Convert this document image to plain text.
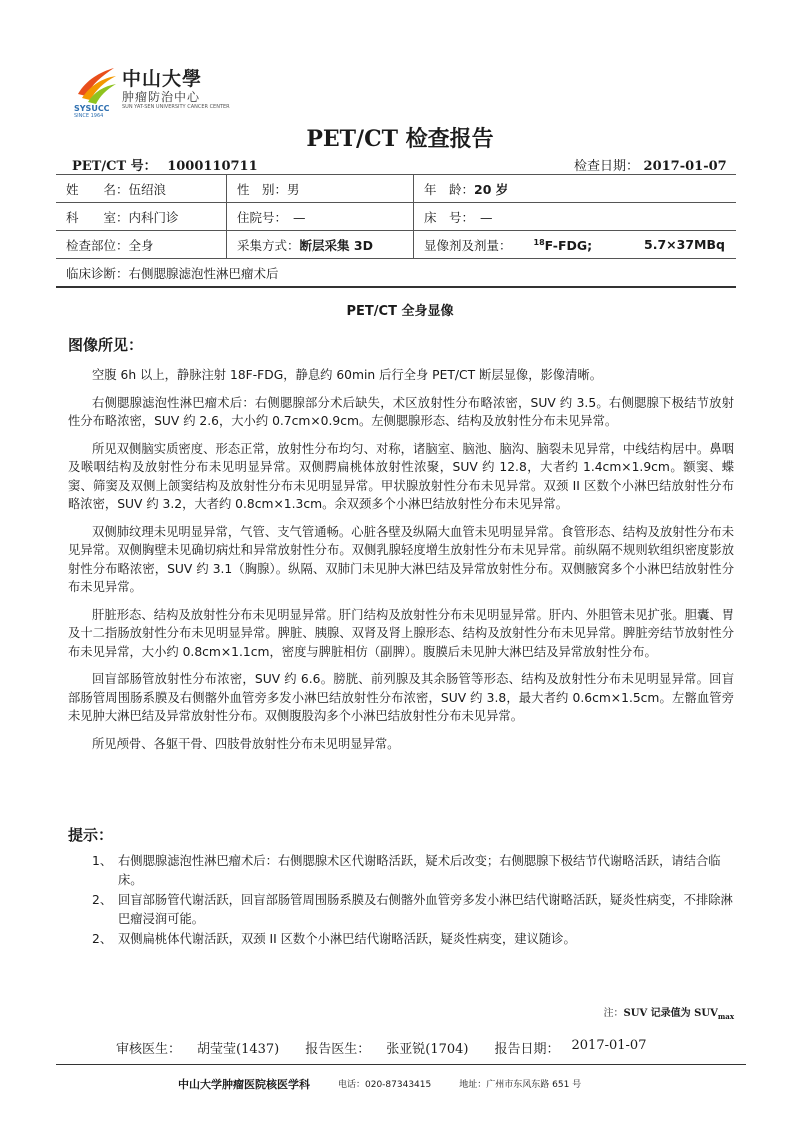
中山大學
肿瘤防治中心
SYSUCC
SINCE 1964
SUN YAT-SEN UNIVERSITY CANCER CENTER
PET/CT 检查报告
PET/CT 号： 1000110711	检查日期： 2017-01-07
姓　　名：伍绍浪	性　别：男	年　龄：20 岁	
科　　室：内科门诊	住院号： —	床　号： —	
检查部位：全身	采集方式：断层采集 3D	显像剂及剂量： $^{18}$F-FDG;	5.7×37MBq
临床诊断：右侧腮腺滤泡性淋巴瘤术后			
PET/CT 全身显像
图像所见：

空腹 6h 以上，静脉注射 18F-FDG，静息约 60min 后行全身 PET/CT 断层显像，影像清晰。

右侧腮腺滤泡性淋巴瘤术后：右侧腮腺部分术后缺失，术区放射性分布略浓密，SUV 约 3.5。右侧腮腺下极结节放射性分布略浓密，SUV 约 2.6，大小约 0.7cm×0.9cm。左侧腮腺形态、结构及放射性分布未见异常。

所见双侧脑实质密度、形态正常，放射性分布均匀、对称，诸脑室、脑池、脑沟、脑裂未见异常，中线结构居中。鼻咽及喉咽结构及放射性分布未见明显异常。双侧腭扁桃体放射性浓聚，SUV 约 12.8，大者约 1.4cm×1.9cm。额窦、蝶窦、筛窦及双侧上颌窦结构及放射性分布未见明显异常。甲状腺放射性分布未见异常。双颈 II 区数个小淋巴结放射性分布略浓密，SUV 约 3.2，大者约 0.8cm×1.3cm。余双颈多个小淋巴结放射性分布未见异常。

双侧肺纹理未见明显异常，气管、支气管通畅。心脏各壁及纵隔大血管未见明显异常。食管形态、结构及放射性分布未见异常。双侧胸壁未见确切病灶和异常放射性分布。双侧乳腺轻度增生放射性分布未见异常。前纵隔不规则软组织密度影放射性分布略浓密，SUV 约 3.1（胸腺）。纵隔、双肺门未见肿大淋巴结及异常放射性分布。双侧腋窝多个小淋巴结放射性分布未见异常。

肝脏形态、结构及放射性分布未见明显异常。肝门结构及放射性分布未见明显异常。肝内、外胆管未见扩张。胆囊、胃及十二指肠放射性分布未见明显异常。脾脏、胰腺、双肾及肾上腺形态、结构及放射性分布未见异常。脾脏旁结节放射性分布未见异常，大小约 0.8cm×1.1cm，密度与脾脏相仿（副脾）。腹膜后未见肿大淋巴结及异常放射性分布。

回盲部肠管放射性分布浓密，SUV 约 6.6。膀胱、前列腺及其余肠管等形态、结构及放射性分布未见明显异常。回盲部肠管周围肠系膜及右侧髂外血管旁多发小淋巴结放射性分布浓密，SUV 约 3.8，最大者约 0.6cm×1.5cm。左髂血管旁未见肿大淋巴结及异常放射性分布。双侧腹股沟多个小淋巴结放射性分布未见异常。

所见颅骨、各躯干骨、四肢骨放射性分布未见明显异常。

提示：
1、 右侧腮腺滤泡性淋巴瘤术后：右侧腮腺术区代谢略活跃，疑术后改变；右侧腮腺下极结节代谢略活跃，请结合临床。
2、 回盲部肠管代谢活跃，回盲部肠管周围肠系膜及右侧髂外血管旁多发小淋巴结代谢略活跃，疑炎性病变，不排除淋巴瘤浸润可能。
2、 双侧扁桃体代谢活跃，双颈 II 区数个小淋巴结代谢略活跃，疑炎性病变，建议随诊。
注：SUV 记录值为 $SUV_{max}$
审核医生： 胡莹莹(1437) 报告医生： 张亚锐(1704) 报告日期： 2017-01-07
中山大学肿瘤医院核医学科	电话：020-87343415	地址：广州市东风东路 651 号
